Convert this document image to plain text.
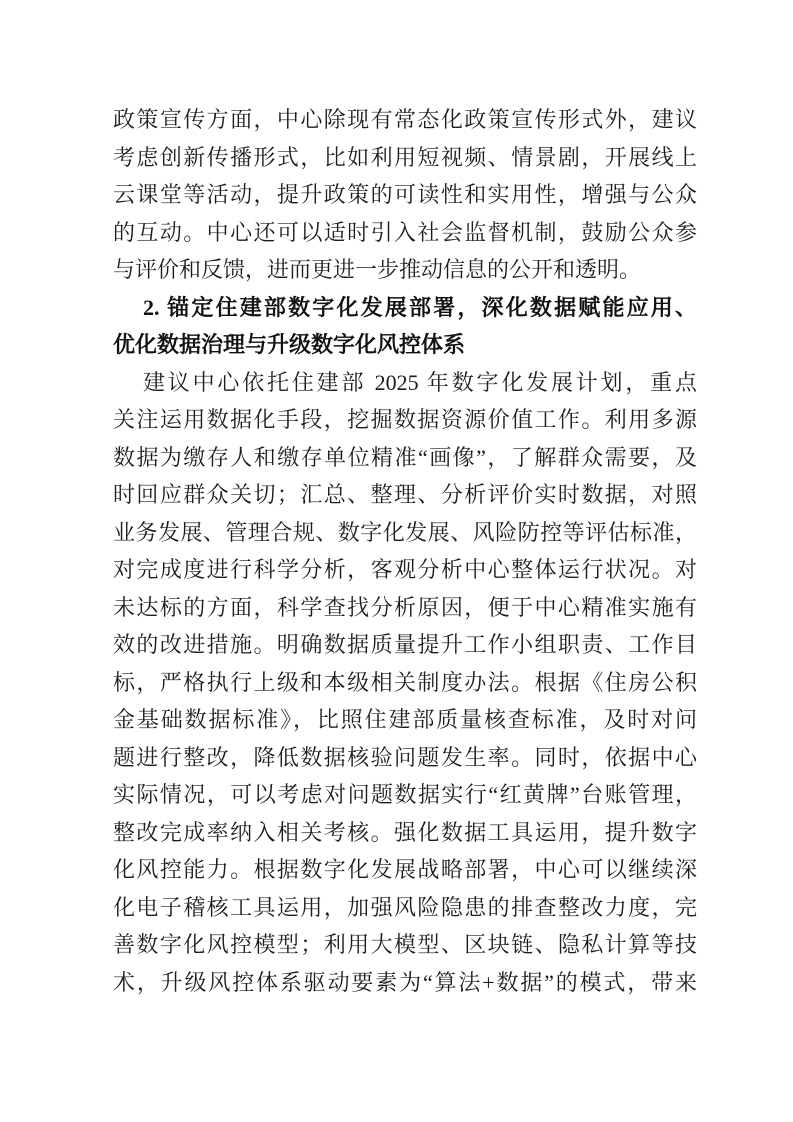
政策宣传方面，中心除现有常态化政策宣传形式外，建议
考虑创新传播形式，比如利用短视频、情景剧，开展线上
云课堂等活动，提升政策的可读性和实用性，增强与公众
的互动。中心还可以适时引入社会监督机制，鼓励公众参
与评价和反馈，进而更进一步推动信息的公开和透明。
2. 锚定住建部数字化发展部署，深化数据赋能应用、
优化数据治理与升级数字化风控体系
建议中心依托住建部 2025 年数字化发展计划，重点
关注运用数据化手段，挖掘数据资源价值工作。利用多源
数据为缴存人和缴存单位精准“画像”，了解群众需要，及
时回应群众关切；汇总、整理、分析评价实时数据，对照
业务发展、管理合规、数字化发展、风险防控等评估标准，
对完成度进行科学分析，客观分析中心整体运行状况。对
未达标的方面，科学查找分析原因，便于中心精准实施有
效的改进措施。明确数据质量提升工作小组职责、工作目
标，严格执行上级和本级相关制度办法。根据《住房公积
金基础数据标准》，比照住建部质量核查标准，及时对问
题进行整改，降低数据核验问题发生率。同时，依据中心
实际情况，可以考虑对问题数据实行“红黄牌”台账管理，
整改完成率纳入相关考核。强化数据工具运用，提升数字
化风控能力。根据数字化发展战略部署，中心可以继续深
化电子稽核工具运用，加强风险隐患的排查整改力度，完
善数字化风控模型；利用大模型、区块链、隐私计算等技
术，升级风控体系驱动要素为“算法+数据”的模式，带来
